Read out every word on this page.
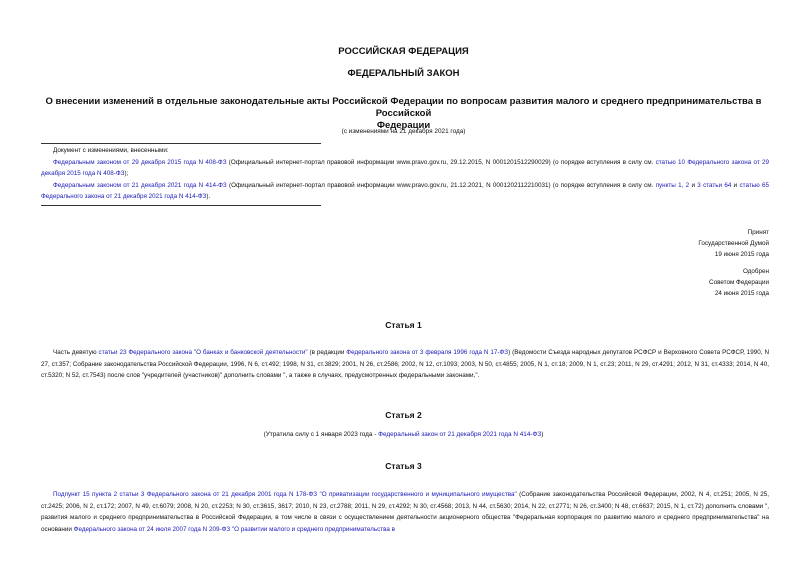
РОССИЙСКАЯ ФЕДЕРАЦИЯ
ФЕДЕРАЛЬНЫЙ ЗАКОН
О внесении изменений в отдельные законодательные акты Российской Федерации по вопросам развития малого и среднего предпринимательства в Российской
Федерации
(с изменениями на 21 декабря 2021 года)
Документ с изменениями, внесенными:
Федеральным законом от 29 декабря 2015 года N 408-ФЗ (Официальный интернет-портал правовой информации www.pravo.gov.ru, 29.12.2015, N 0001201512290029) (о порядке вступления в силу см. статью 10 Федерального закона от 29 декабря 2015 года N 408-ФЗ);
Федеральным законом от 21 декабря 2021 года N 414-ФЗ (Официальный интернет-портал правовой информации www.pravo.gov.ru, 21.12.2021, N 0001202112210031) (о порядке вступления в силу см. пункты 1, 2 и 3 статьи 64 и статью 65 Федерального закона от 21 декабря 2021 года N 414-ФЗ).
Принят
Государственной Думой
19 июня 2015 года
Одобрен
Советом Федерации
24 июня 2015 года
Статья 1
Часть девятую статьи 23 Федерального закона "О банках и банковской деятельности" (в редакции Федерального закона от 3 февраля 1996 года N 17-ФЗ) (Ведомости Съезда народных депутатов РСФСР и Верховного Совета РСФСР, 1990, N 27, ст.357; Собрание законодательства Российской Федерации, 1996, N 6, ст.492; 1998, N 31, ст.3829; 2001, N 26, ст.2586; 2002, N 12, ст.1093; 2003, N 50, ст.4855; 2005, N 1, ст.18; 2009, N 1, ст.23; 2011, N 29, ст.4291; 2012, N 31, ст.4333; 2014, N 40, ст.5320; N 52, ст.7543) после слов "учредителей (участников)" дополнить словами ", а также в случаях, предусмотренных федеральными законами,".
Статья 2
(Утратила силу с 1 января 2023 года - Федеральный закон от 21 декабря 2021 года N 414-ФЗ)
Статья 3
Подпункт 15 пункта 2 статьи 3 Федерального закона от 21 декабря 2001 года N 178-ФЗ "О приватизации государственного и муниципального имущества" (Собрание законодательства Российской Федерации, 2002, N 4, ст.251; 2005, N 25, ст.2425; 2006, N 2, ст.172; 2007, N 49, ст.6079; 2008, N 20, ст.2253; N 30, ст.3615, 3617; 2010, N 23, ст.2788; 2011, N 29, ст.4292; N 30, ст.4568; 2013, N 44, ст.5630; 2014, N 22, ст.2771; N 26, ст.3400; N 48, ст.6637; 2015, N 1, ст.72) дополнить словами ", развития малого и среднего предпринимательства в Российской Федерации, в том числе в связи с осуществлением деятельности акционерного общества "Федеральная корпорация по развитию малого и среднего предпринимательства" на основании Федерального закона от 24 июля 2007 года N 209-ФЗ "О развитии малого и среднего предпринимательства в
